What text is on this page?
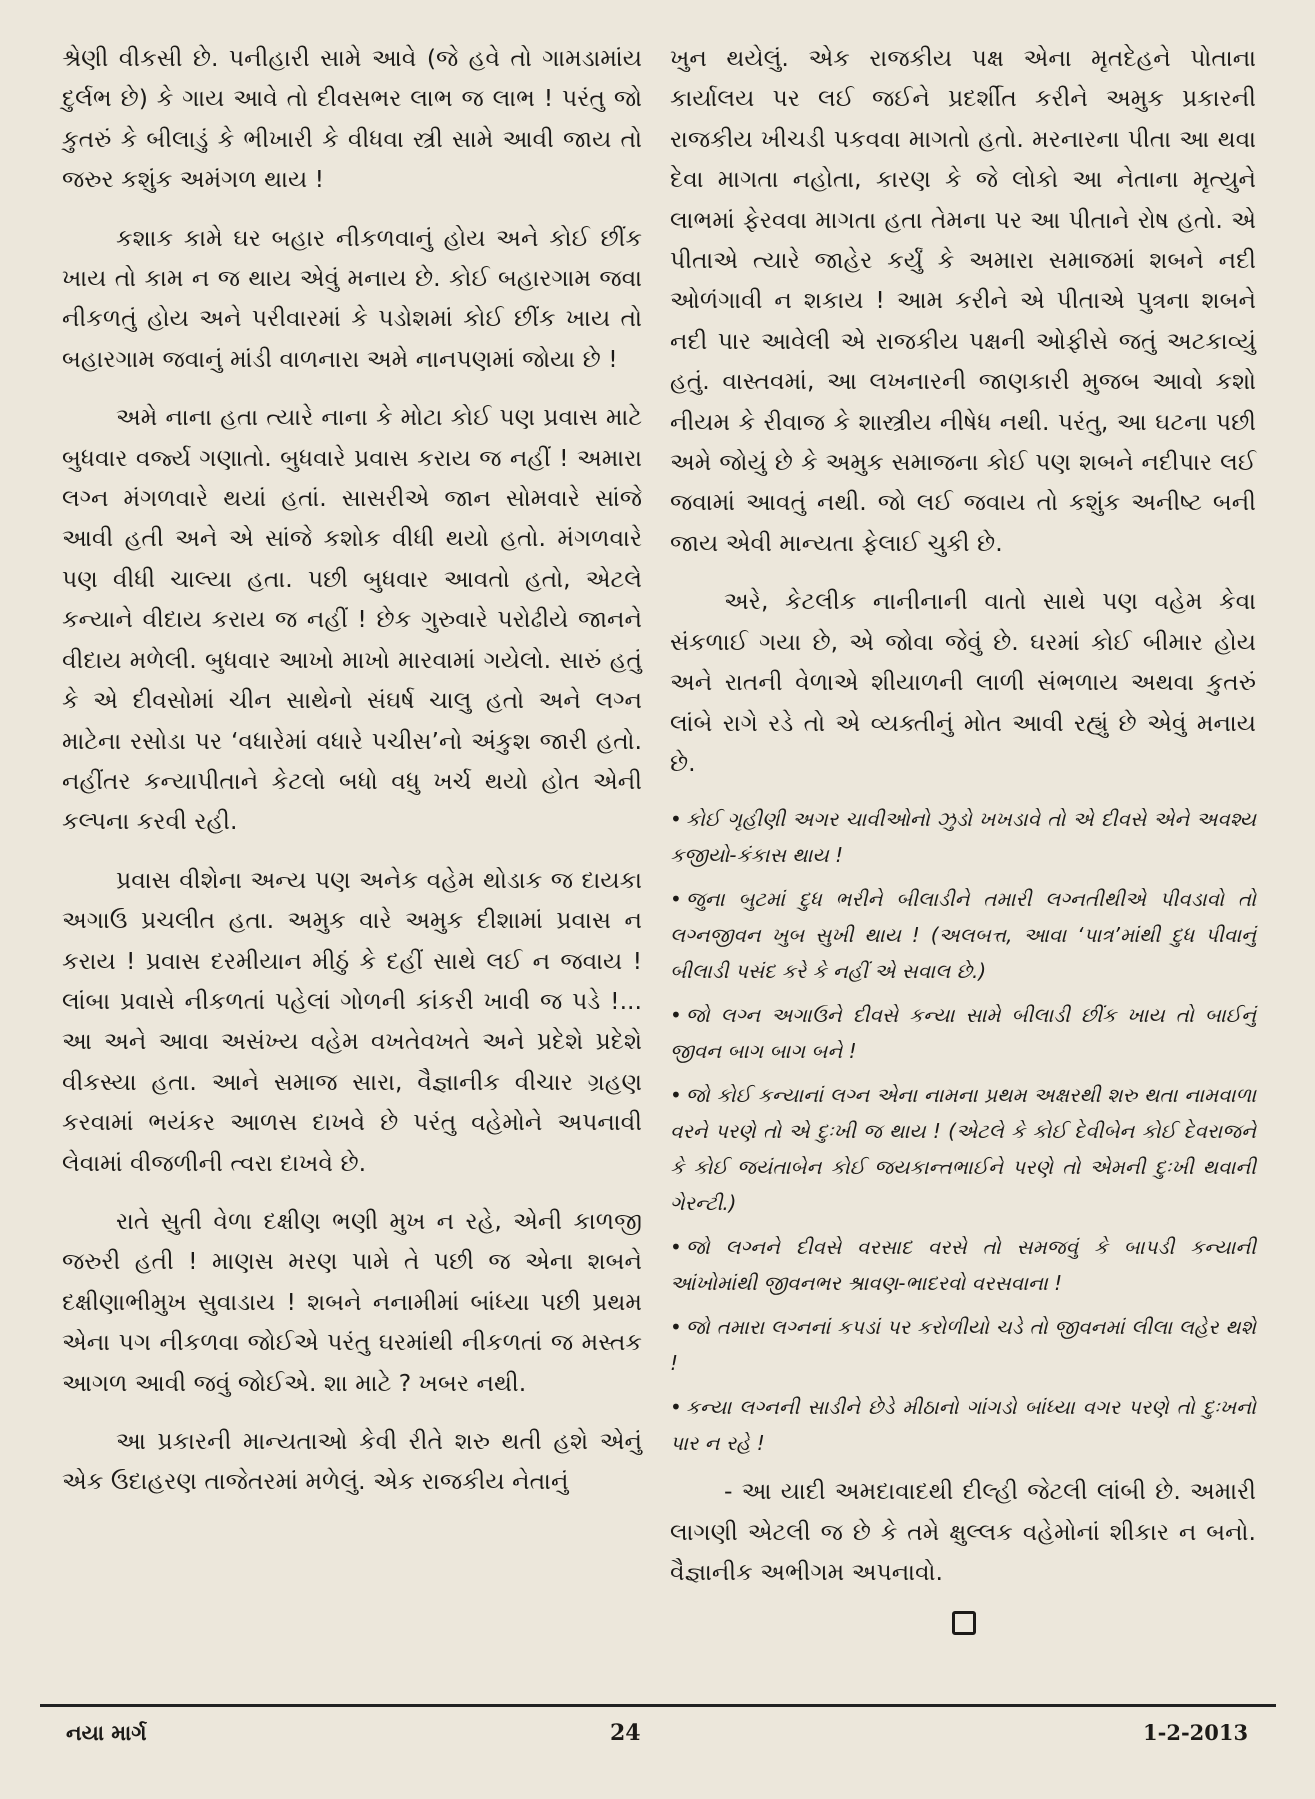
શ્રેણી વીકસી છે. પનીહારી સામે આવે (જે હવે તો ગામડામાંય દુર્લભ છે) કે ગાય આવે તો દીવસભર લાભ જ લાભ ! પરંતુ જો કુતરું કે બીલાડું કે ભીખારી કે વીધવા સ્ત્રી સામે આવી જાય તો જરુર કશુંક અમંગળ થાય !

કશાક કામે ઘર બહાર નીકળવાનું હોય અને કોઈ છીંક ખાય તો કામ ન જ થાય એવું મનાય છે. કોઈ બહારગામ જવા નીકળતું હોય અને પરીવારમાં કે પડોશમાં કોઈ છીંક ખાય તો બહારગામ જવાનું માંડી વાળનારા અમે નાનપણમાં જોયા છે !

અમે નાના હતા ત્યારે નાના કે મોટા કોઈ પણ પ્રવાસ માટે બુધવાર વર્જ્ય ગણાતો. બુધવારે પ્રવાસ કરાય જ નહીં ! અમારા લગ્ન મંગળવારે થયાં હતાં. સાસરીએ જાન સોમવારે સાંજે આવી હતી અને એ સાંજે કશોક વીધી થયો હતો. મંગળવારે પણ વીધી ચાલ્યા હતા. પછી બુધવાર આવતો હતો, એટલે કન્યાને વીદાય કરાય જ નહીં ! છેક ગુરુવારે પરોઢીયે જાનને વીદાય મળેલી. બુધવાર આખો માખો મારવામાં ગયેલો. સારું હતું કે એ દીવસોમાં ચીન સાથેનો સંઘર્ષ ચાલુ હતો અને લગ્ન માટેના રસોડા પર ‘વધારેમાં વધારે પચીસ’નો અંકુશ જારી હતો. નહીંતર કન્યાપીતાને કેટલો બધો વધુ ખર્ચ થયો હોત એની કલ્પના કરવી રહી.

પ્રવાસ વીશેના અન્ય પણ અનેક વહેમ થોડાક જ દાયકા અગાઉ પ્રચલીત હતા. અમુક વારે અમુક દીશામાં પ્રવાસ ન કરાય ! પ્રવાસ દરમીયાન મીઠું કે દહીં સાથે લઈ ન જવાય ! લાંબા પ્રવાસે નીકળતાં પહેલાં ગોળની કાંકરી ખાવી જ પડે !... આ અને આવા અસંખ્ય વહેમ વખતેવખતે અને પ્રદેશે પ્રદેશે વીકસ્યા હતા. આને સમાજ સારા, વૈજ્ઞાનીક વીચાર ગ્રહણ કરવામાં ભયંકર આળસ દાખવે છે પરંતુ વહેમોને અપનાવી લેવામાં વીજળીની ત્વરા દાખવે છે.

રાતે સુતી વેળા દક્ષીણ ભણી મુખ ન રહે, એની કાળજી જરુરી હતી ! માણસ મરણ પામે તે પછી જ એના શબને દક્ષીણાભીમુખ સુવાડાય ! શબને નનામીમાં બાંધ્યા પછી પ્રથમ એના પગ નીકળવા જોઈએ પરંતુ ઘરમાંથી નીકળતાં જ મસ્તક આગળ આવી જવું જોઈએ. શા માટે ? ખબર નથી.

આ પ્રકારની માન્યતાઓ કેવી રીતે શરુ થતી હશે એનું એક ઉદાહરણ તાજેતરમાં મળેલું. એક રાજકીય નેતાનું

ખુન થયેલું. એક રાજકીય પક્ષ એના મૃતદેહને પોતાના કાર્યાલય પર લઈ જઈને પ્રદર્શીત કરીને અમુક પ્રકારની રાજકીય ખીચડી પકવવા માગતો હતો. મરનારના પીતા આ થવા દેવા માગતા નહોતા, કારણ કે જે લોકો આ નેતાના મૃત્યુને લાભમાં ફેરવવા માગતા હતા તેમના પર આ પીતાને રોષ હતો. એ પીતાએ ત્યારે જાહેર કર્યું કે અમારા સમાજમાં શબને નદી ઓળંગાવી ન શકાય ! આમ કરીને એ પીતાએ પુત્રના શબને નદી પાર આવેલી એ રાજકીય પક્ષની ઓફીસે જતું અટકાવ્યું હતું. વાસ્તવમાં, આ લખનારની જાણકારી મુજબ આવો કશો નીયમ કે રીવાજ કે શાસ્ત્રીય નીષેધ નથી. પરંતુ, આ ઘટના પછી અમે જોયું છે કે અમુક સમાજના કોઈ પણ શબને નદીપાર લઈ જવામાં આવતું નથી. જો લઈ જવાય તો કશુંક અનીષ્ટ બની જાય એવી માન્યતા ફેલાઈ ચુકી છે.

અરે, કેટલીક નાનીનાની વાતો સાથે પણ વહેમ કેવા સંકળાઈ ગયા છે, એ જોવા જેવું છે. ઘરમાં કોઈ બીમાર હોય અને રાતની વેળાએ શીયાળની લાળી સંભળાય અથવા કુતરું લાંબે રાગે રડે તો એ વ્યક્તીનું મોત આવી રહ્યું છે એવું મનાય છે.

• કોઈ ગૃહીણી અગર ચાવીઓનો ઝુડો ખખડાવે તો એ દીવસે એને અવશ્ય કજીયો-કંકાસ થાય !
• જુના બુટમાં દુધ ભરીને બીલાડીને તમારી લગ્નતીથીએ પીવડાવો તો લગ્નજીવન ખુબ સુખી થાય ! (અલબત્ત, આવા ‘પાત્ર’માંથી દુધ પીવાનું બીલાડી પસંદ કરે કે નહીં એ સવાલ છે.)
• જો લગ્ન અગાઉને દીવસે કન્યા સામે બીલાડી છીંક ખાય તો બાઈનું જીવન બાગ બાગ બને !
• જો કોઈ કન્યાનાં લગ્ન એના નામના પ્રથમ અક્ષરથી શરુ થતા નામવાળા વરને પરણે તો એ દુઃખી જ થાય ! (એટલે કે કોઈ દેવીબેન કોઈ દેવરાજને કે કોઈ જયંતાબેન કોઈ જયકાન્તભાઈને પરણે તો એમની દુઃખી થવાની ગેરન્ટી.)
• જો લગ્નને દીવસે વરસાદ વરસે તો સમજવું કે બાપડી કન્યાની આંખોમાંથી જીવનભર શ્રાવણ-ભાદરવો વરસવાના !
• જો તમારા લગ્નનાં કપડાં પર કરોળીયો ચડે તો જીવનમાં લીલા લહેર થશે !
• કન્યા લગ્નની સાડીને છેડે મીઠાનો ગાંગડો બાંધ્યા વગર પરણે તો દુઃખનો પાર ન રહે !

- આ યાદી અમદાવાદથી દીલ્હી જેટલી લાંબી છે. અમારી લાગણી એટલી જ છે કે તમે ક્ષુલ્લક વહેમોનાં શીકાર ન બનો. વૈજ્ઞાનીક અભીગમ અપનાવો.

નયા માર્ગ	24	1-2-2013
